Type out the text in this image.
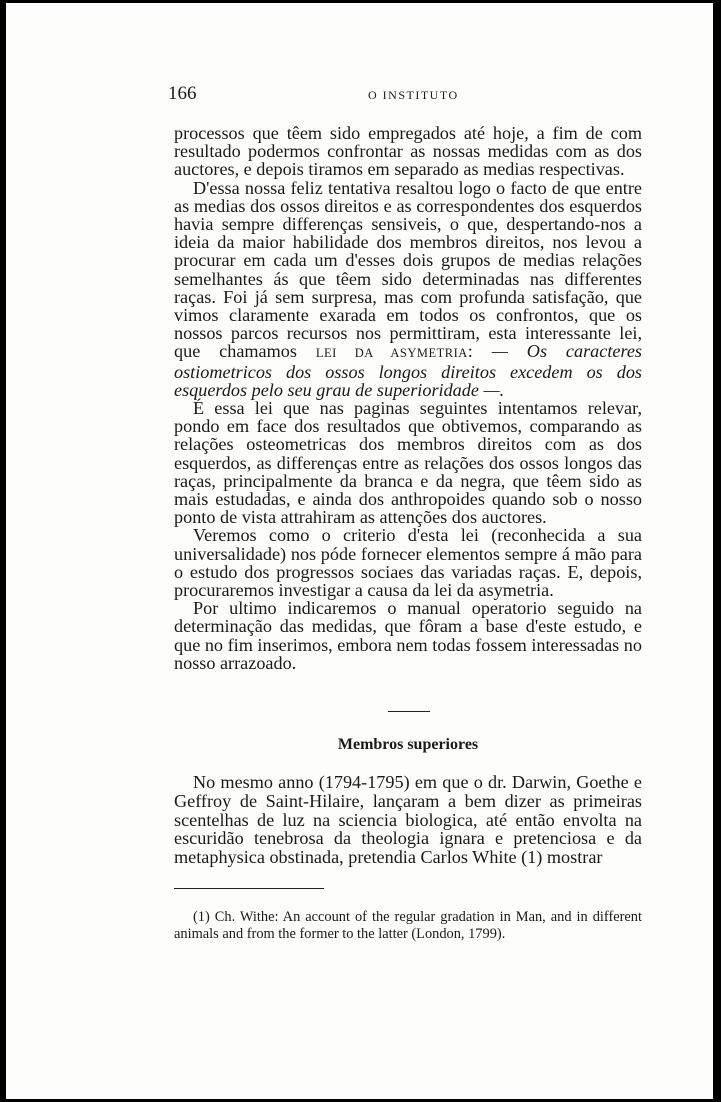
166	O INSTITUTO

processos que têem sido empregados até hoje, a fim de com resultado podermos confrontar as nossas medidas com as dos auctores, e depois tiramos em separado as medias respectivas.

D'essa nossa feliz tentativa resaltou logo o facto de que entre as medias dos ossos direitos e as correspondentes dos esquerdos havia sempre differenças sensiveis, o que, despertando-nos a ideia da maior habilidade dos membros direitos, nos levou a procurar em cada um d'esses dois grupos de medias relações semelhantes ás que têem sido determinadas nas differentes raças. Foi já sem surpresa, mas com profunda satisfação, que vimos claramente exarada em todos os confrontos, que os nossos parcos recursos nos permittiram, esta interessante lei, que chamamos LEI DA ASYMETRIA: — Os caracteres ostiometricos dos ossos longos direitos excedem os dos esquerdos pelo seu grau de superioridade —.

É essa lei que nas paginas seguintes intentamos relevar, pondo em face dos resultados que obtivemos, comparando as relações osteometricas dos membros direitos com as dos esquerdos, as differenças entre as relações dos ossos longos das raças, principalmente da branca e da negra, que têem sido as mais estudadas, e ainda dos anthropoides quando sob o nosso ponto de vista attrahiram as attenções dos auctores.

Veremos como o criterio d'esta lei (reconhecida a sua universalidade) nos póde fornecer elementos sempre á mão para o estudo dos progressos sociaes das variadas raças. E, depois, procuraremos investigar a causa da lei da asymetria.

Por ultimo indicaremos o manual operatorio seguido na determinação das medidas, que fôram a base d'este estudo, e que no fim inserimos, embora nem todas fossem interessadas no nosso arrazoado.

Membros superiores

No mesmo anno (1794-1795) em que o dr. Darwin, Goethe e Geffroy de Saint-Hilaire, lançaram a bem dizer as primeiras scentelhas de luz na sciencia biologica, até então envolta na escuridão tenebrosa da theologia ignara e pretenciosa e da metaphysica obstinada, pretendia Carlos White (1) mostrar

(1) Ch. Withe: An account of the regular gradation in Man, and in different animals and from the former to the latter (London, 1799).
